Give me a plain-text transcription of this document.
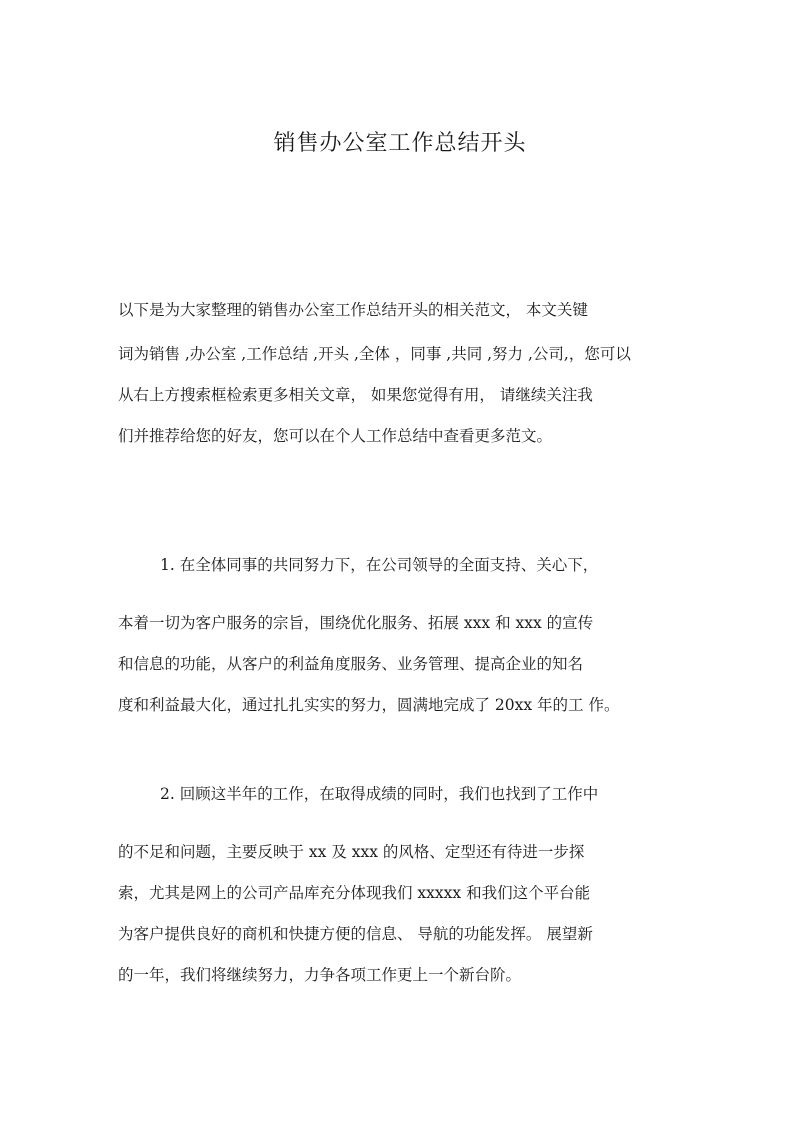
销售办公室工作总结开头
以下是为大家整理的销售办公室工作总结开头的相关范文， 本文关键
词为销售 ,办公室 ,工作总结 ,开头 ,全体 ，同事 ,共同 ,努力 ,公司,，您可以
从右上方搜索框检索更多相关文章， 如果您觉得有用， 请继续关注我
们并推荐给您的好友，您可以在个人工作总结中查看更多范文。
1. 在全体同事的共同努力下，在公司领导的全面支持、关心下，
本着一切为客户服务的宗旨，围绕优化服务、拓展 xxx 和 xxx 的宣传
和信息的功能，从客户的利益角度服务、业务管理、提高企业的知名
度和利益最大化，通过扎扎实实的努力，圆满地完成了 20xx 年的工 作。
2. 回顾这半年的工作，在取得成绩的同时，我们也找到了工作中
的不足和问题，主要反映于 xx 及 xxx 的风格、定型还有待进一步探
索，尤其是网上的公司产品库充分体现我们 xxxxx 和我们这个平台能
为客户提供良好的商机和快捷方便的信息、 导航的功能发挥。 展望新
的一年，我们将继续努力，力争各项工作更上一个新台阶。
